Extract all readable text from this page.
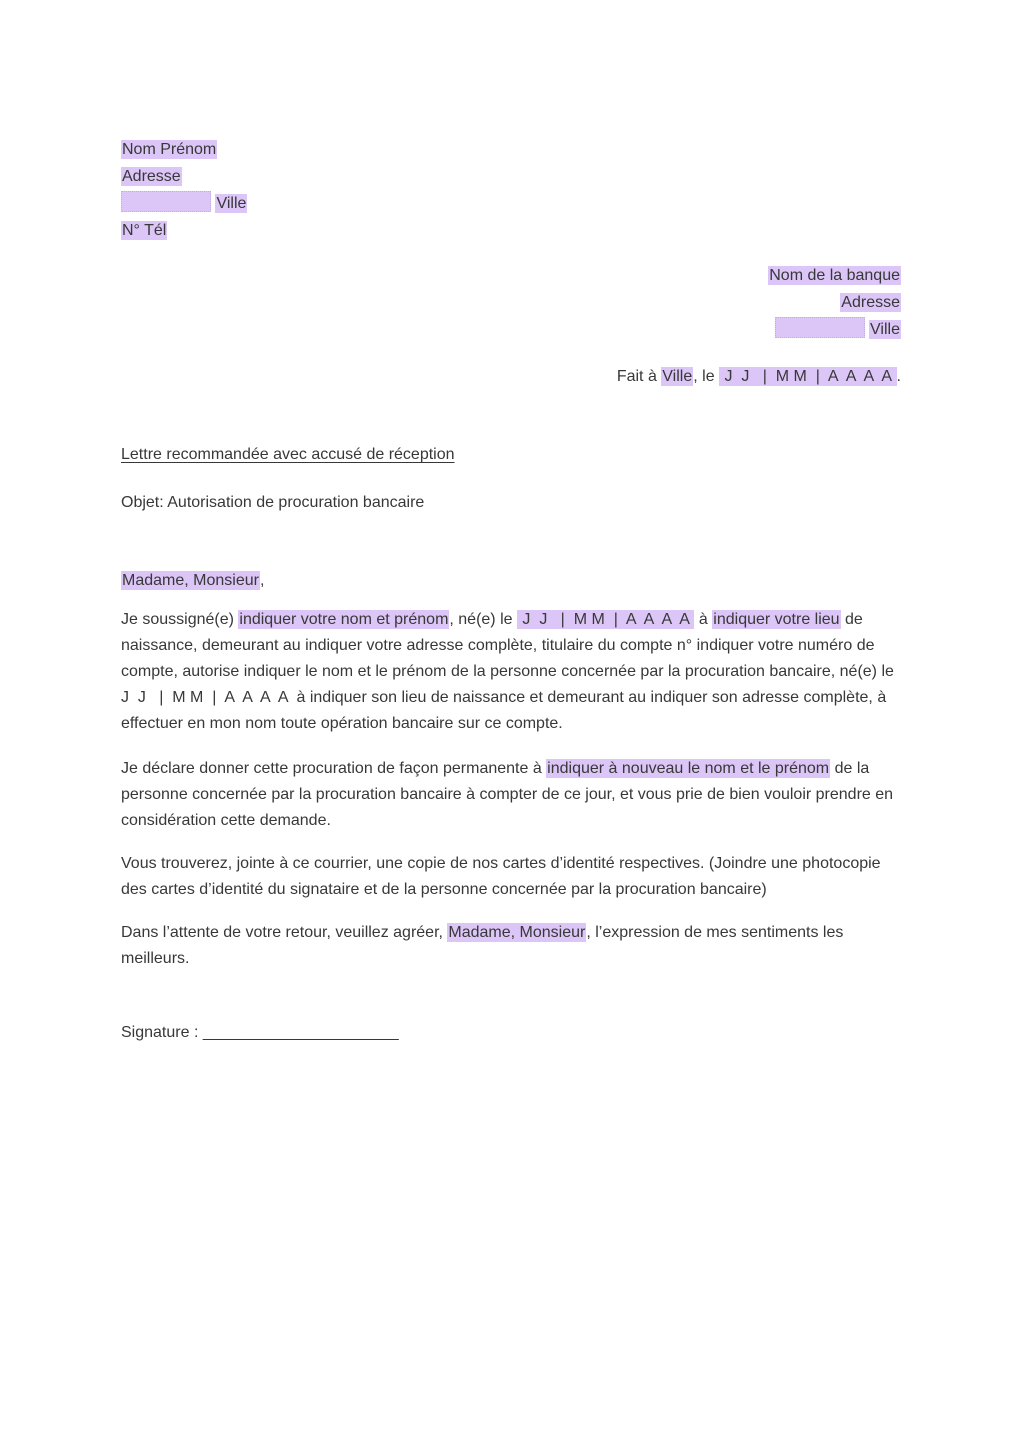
Nom Prénom
Adresse
Ville
N° Tél
Nom de la banque
Adresse
Ville
Fait à Ville, le  J  J   |  M M  |  A  A  A  A .
Lettre recommandée avec accusé de réception
Objet: Autorisation de procuration bancaire
Madame, Monsieur,

Je soussigné(e) indiquer votre nom et prénom, né(e) le  J  J   |  M M  |  A  A  A  A  à indiquer votre lieu de naissance, demeurant au indiquer votre adresse complète, titulaire du compte n° indiquer votre numéro de compte, autorise indiquer le nom et le prénom de la personne concernée par la procuration bancaire, né(e) le  J  J   |  M M  |  A  A  A  A  à indiquer son lieu de naissance et demeurant au indiquer son adresse complète, à effectuer en mon nom toute opération bancaire sur ce compte.

Je déclare donner cette procuration de façon permanente à indiquer à nouveau le nom et le prénom de la personne concernée par la procuration bancaire à compter de ce jour, et vous prie de bien vouloir prendre en considération cette demande.

Vous trouverez, jointe à ce courrier, une copie de nos cartes d’identité respectives. (Joindre une photocopie des cartes d’identité du signataire et de la personne concernée par la procuration bancaire)

Dans l’attente de votre retour, veuillez agréer, Madame, Monsieur, l’expression de mes sentiments les meilleurs.

Signature : ______________________
